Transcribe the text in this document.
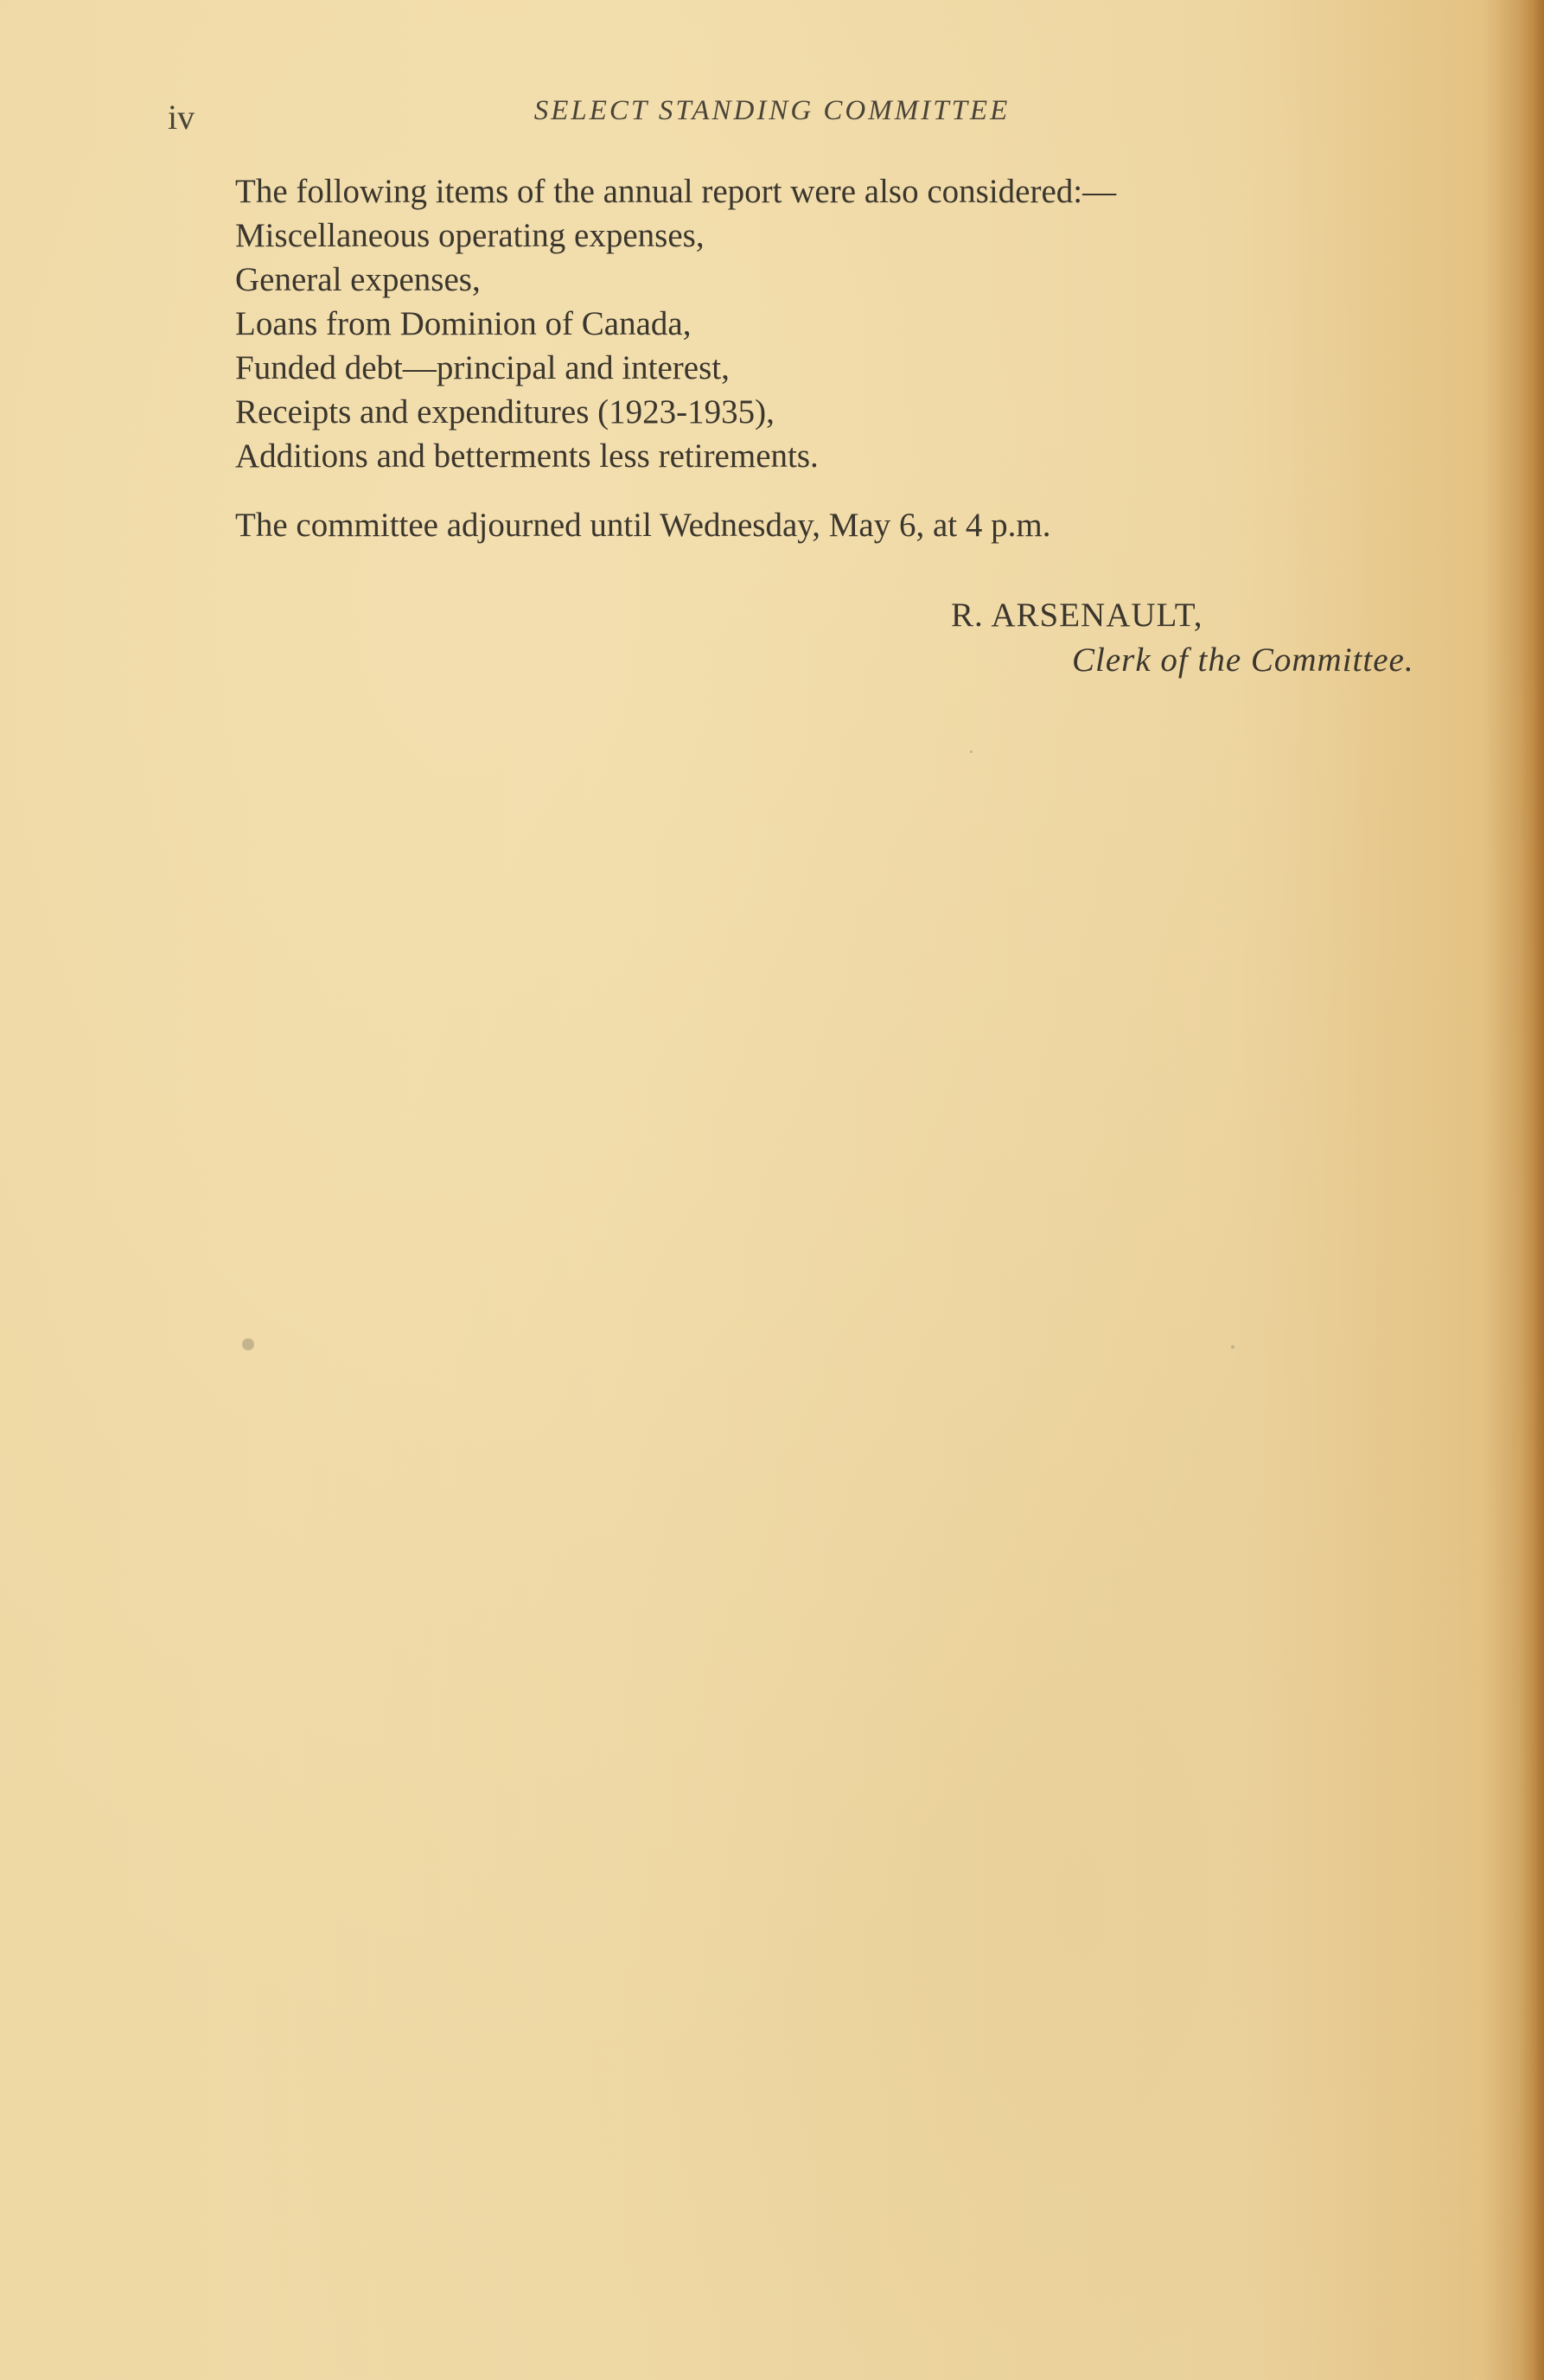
iv	SELECT STANDING COMMITTEE

The following items of the annual report were also considered:—

Miscellaneous operating expenses,

General expenses,

Loans from Dominion of Canada,

Funded debt—principal and interest,

Receipts and expenditures (1923-1935),

Additions and betterments less retirements.

The committee adjourned until Wednesday, May 6, at 4 p.m.
R. ARSENAULT,
Clerk of the Committee.
